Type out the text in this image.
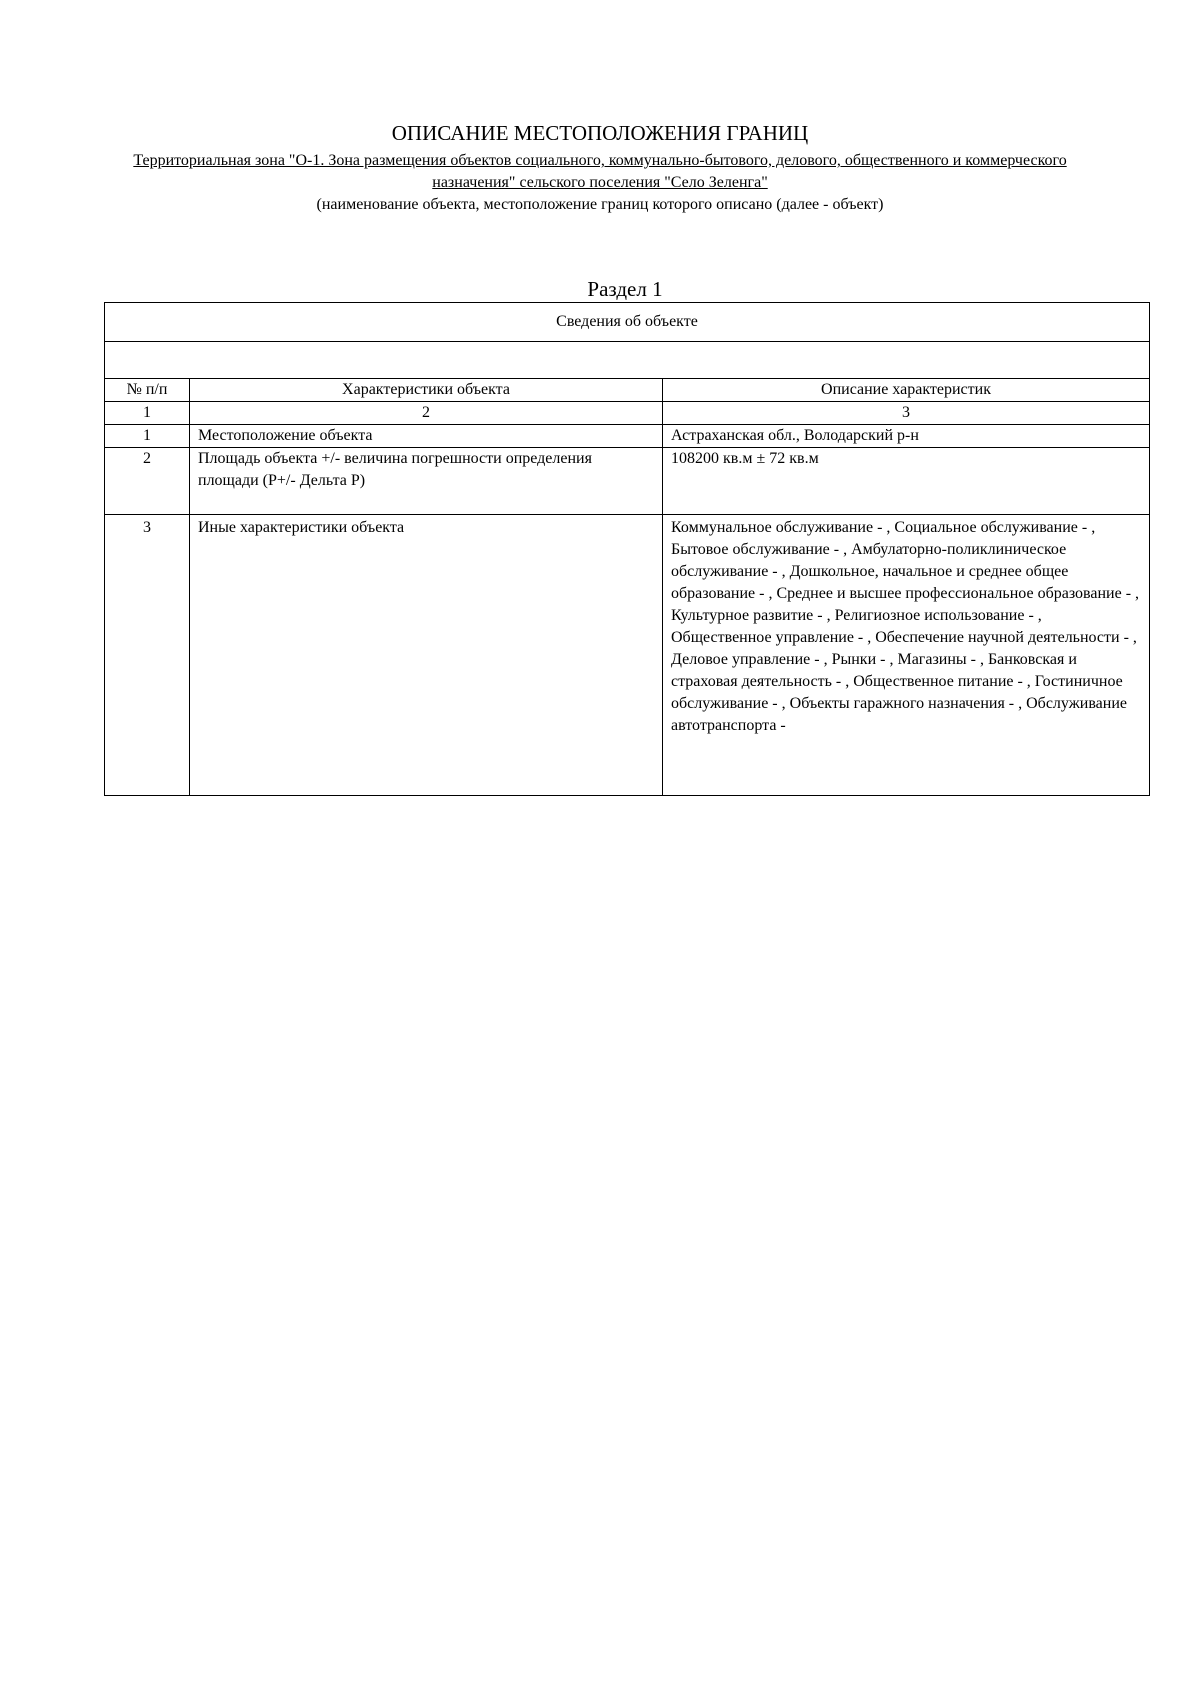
ОПИСАНИЕ МЕСТОПОЛОЖЕНИЯ ГРАНИЦ
Территориальная зона "О-1. Зона размещения объектов социального, коммунально-бытового, делового, общественного и коммерческого назначения" сельского поселения "Село Зеленга"
(наименование объекта, местоположение границ которого описано (далее - объект)
Раздел 1
Сведения об объекте		

№ п/п	Характеристики объекта	Описание характеристик
1	2	3
1	Местоположение объекта	Астраханская обл., Володарский р-н
2	Площадь объекта +/- величина погрешности определения площади (P+/- Дельта P)	108200 кв.м ± 72 кв.м
3	Иные характеристики объекта	Коммунальное обслуживание - , Социальное обслуживание - , Бытовое обслуживание - , Амбулаторно-поликлиническое обслуживание - , Дошкольное, начальное и среднее общее образование - , Среднее и высшее профессиональное образование - , Культурное развитие - , Религиозное использование - , Общественное управление - , Обеспечение научной деятельности - , Деловое управление - , Рынки - , Магазины - , Банковская и страховая деятельность - , Общественное питание - , Гостиничное обслуживание - , Объекты гаражного назначения - , Обслуживание автотранспорта -
